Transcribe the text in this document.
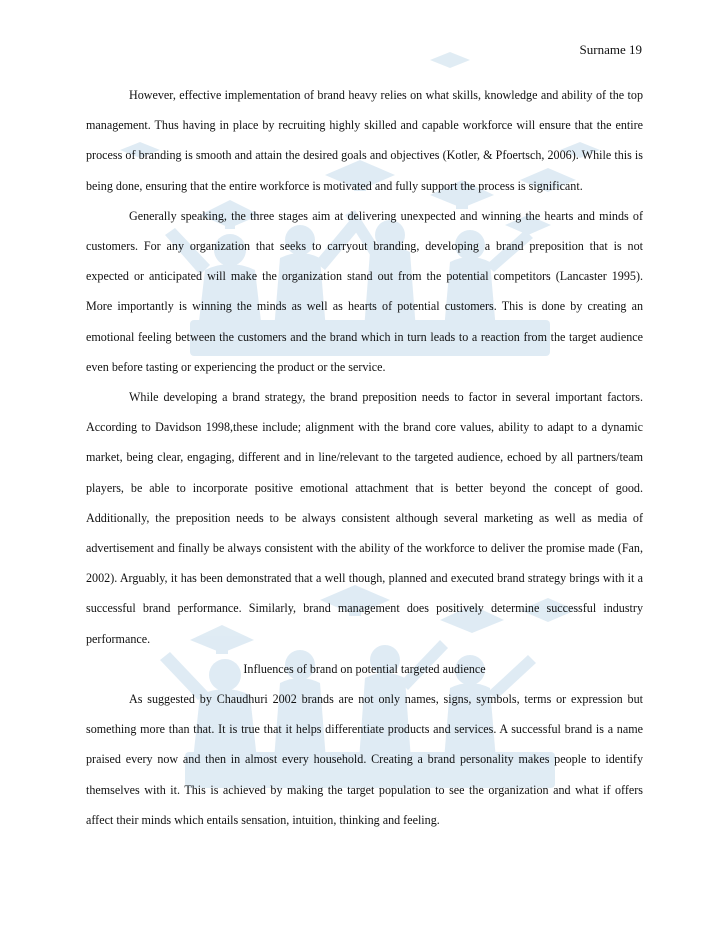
Surname 19

However, effective implementation of brand heavy relies on what skills, knowledge and ability of the top management. Thus having in place by recruiting highly skilled and capable workforce will ensure that the entire process of branding is smooth and attain the desired goals and objectives (Kotler, & Pfoertsch, 2006). While this is being done, ensuring that the entire workforce is motivated and fully support the process is significant.

Generally speaking, the three stages aim at delivering unexpected and winning the hearts and minds of customers. For any organization that seeks to carryout branding, developing a brand preposition that is not expected or anticipated will make the organization stand out from the potential competitors (Lancaster 1995). More importantly is winning the minds as well as hearts of potential customers. This is done by creating an emotional feeling between the customers and the brand which in turn leads to a reaction from the target audience even before tasting or experiencing the product or the service.

While developing a brand strategy, the brand preposition needs to factor in several important factors. According to Davidson 1998,these include; alignment with the brand core values, ability to adapt to a dynamic market, being clear, engaging, different and in line/relevant to the targeted audience, echoed by all partners/team players, be able to incorporate positive emotional attachment that is better beyond the concept of good. Additionally, the preposition needs to be always consistent although several marketing as well as media of advertisement and finally be always consistent with the ability of the workforce to deliver the promise made (Fan, 2002). Arguably, it has been demonstrated that a well though, planned and executed brand strategy brings with it a successful brand performance. Similarly, brand management does positively determine successful industry performance.

Influences of brand on potential targeted audience

As suggested by Chaudhuri 2002 brands are not only names, signs, symbols, terms or expression but something more than that. It is true that it helps differentiate products and services. A successful brand is a name praised every now and then in almost every household. Creating a brand personality makes people to identify themselves with it. This is achieved by making the target population to see the organization and what if offers affect their minds which entails sensation, intuition, thinking and feeling.
